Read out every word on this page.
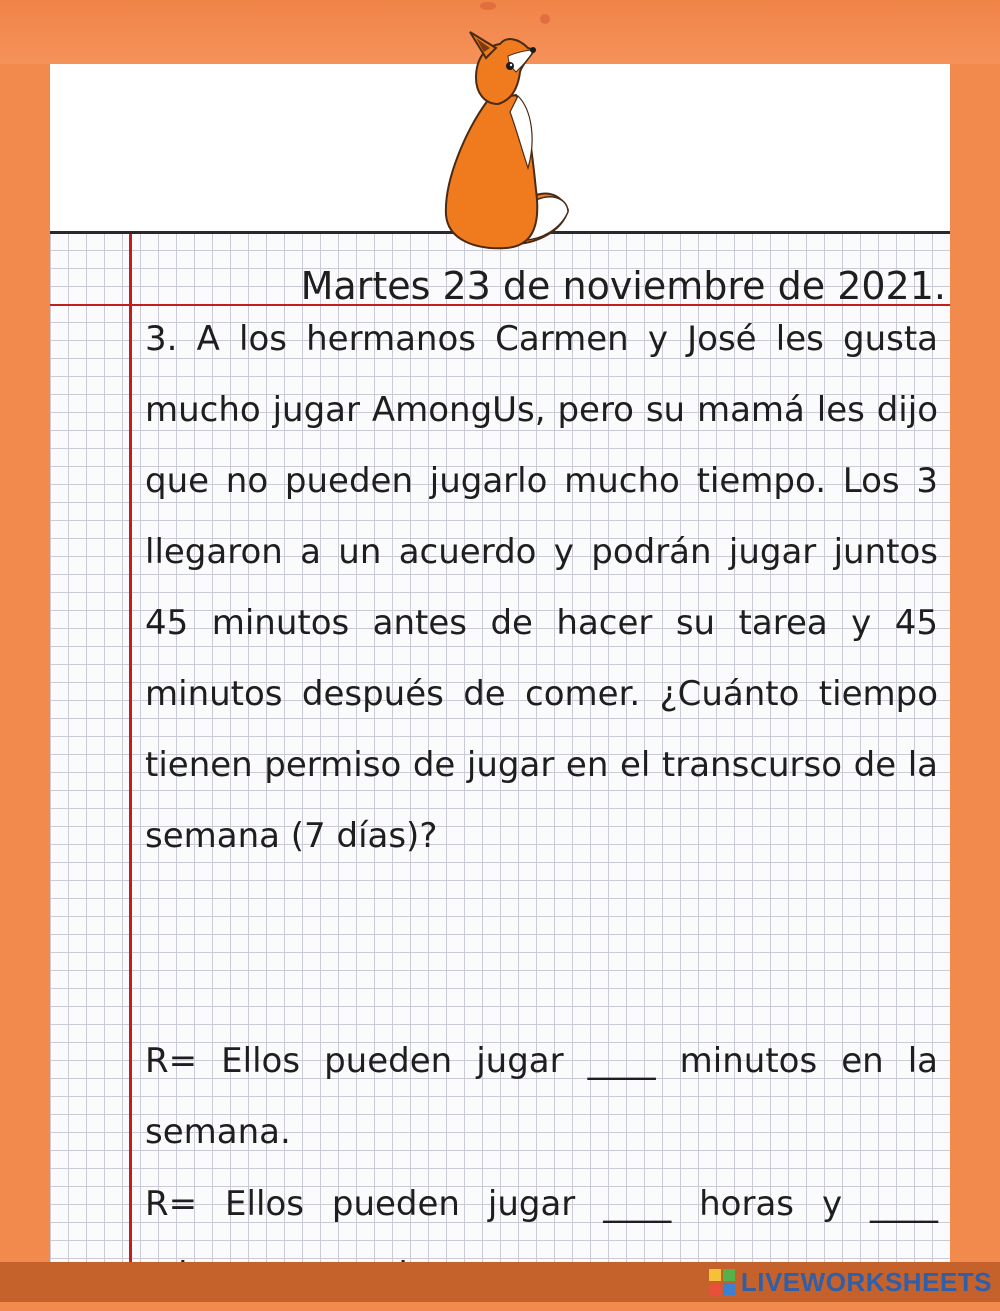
Martes 23 de noviembre de 2021.

3. A los hermanos Carmen y José les gusta mucho jugar AmongUs, pero su mamá les dijo que no pueden jugarlo mucho tiempo. Los 3 llegaron a un acuerdo y podrán jugar juntos 45 minutos antes de hacer su tarea y 45 minutos después de comer. ¿Cuánto tiempo tienen permiso de jugar en el transcurso de la semana (7 días)?

R= Ellos pueden jugar ____ minutos en la semana.

R= Ellos pueden jugar ____ horas y ____

LIVEWORKSHEETS
